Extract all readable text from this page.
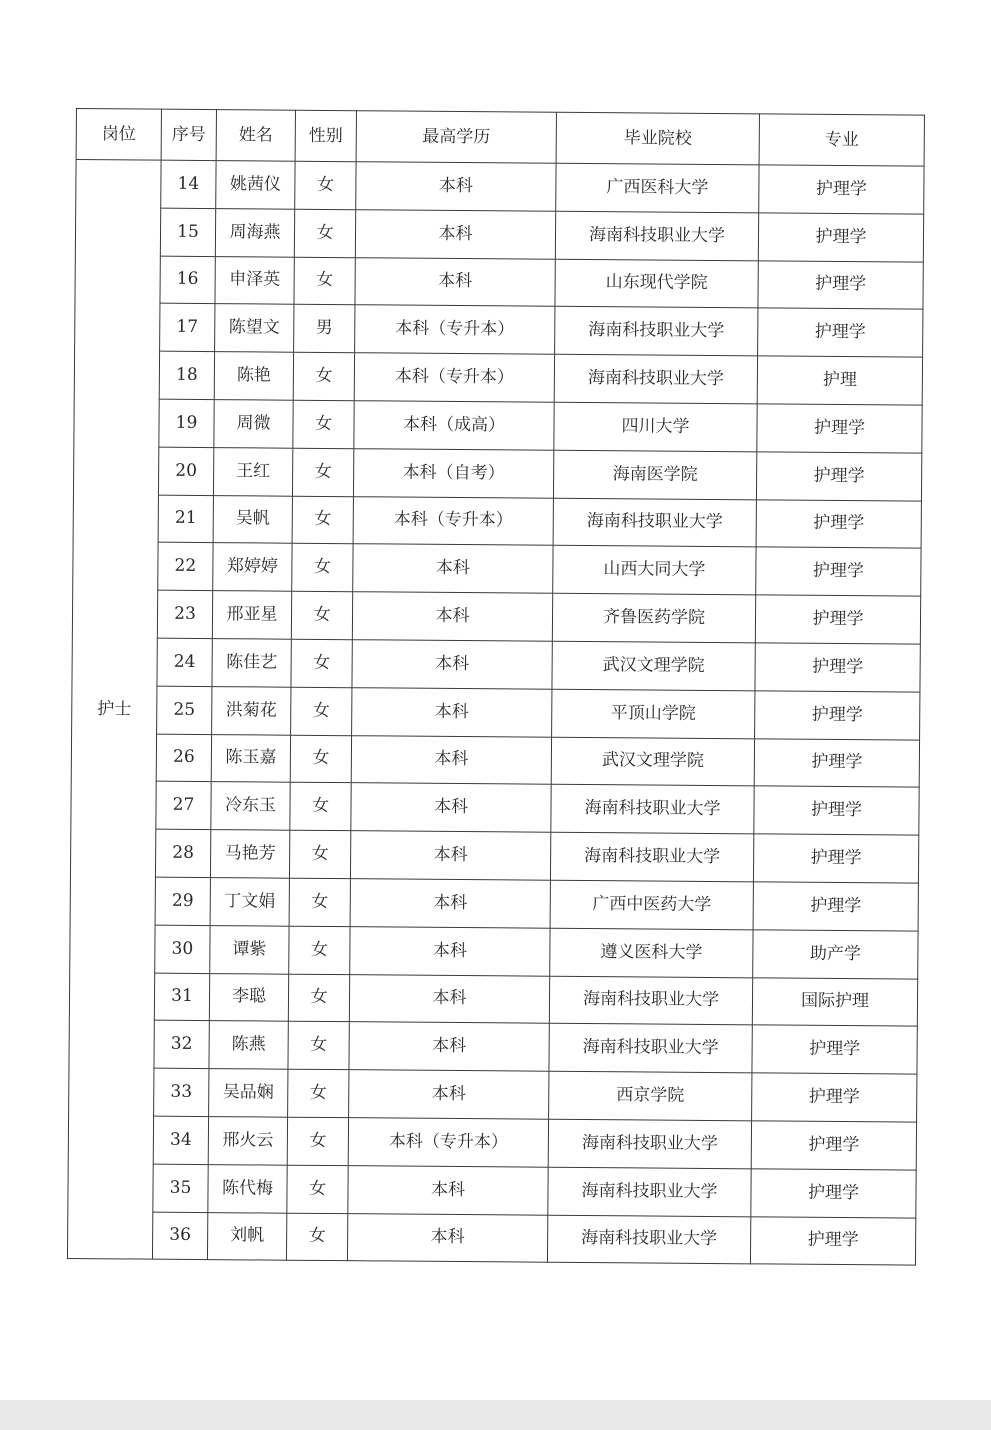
岗位	序号	姓名	性别	最高学历	毕业院校	专业
护士	14	姚茜仪	女	本科	广西医科大学	护理学
	15	周海燕	女	本科	海南科技职业大学	护理学
	16	申泽英	女	本科	山东现代学院	护理学
	17	陈望文	男	本科（专升本）	海南科技职业大学	护理学
	18	陈艳	女	本科（专升本）	海南科技职业大学	护理
	19	周微	女	本科（成高）	四川大学	护理学
	20	王红	女	本科（自考）	海南医学院	护理学
	21	吴帆	女	本科（专升本）	海南科技职业大学	护理学
	22	郑婷婷	女	本科	山西大同大学	护理学
	23	邢亚星	女	本科	齐鲁医药学院	护理学
	24	陈佳艺	女	本科	武汉文理学院	护理学
	25	洪菊花	女	本科	平顶山学院	护理学
	26	陈玉嘉	女	本科	武汉文理学院	护理学
	27	冷东玉	女	本科	海南科技职业大学	护理学
	28	马艳芳	女	本科	海南科技职业大学	护理学
	29	丁文娟	女	本科	广西中医药大学	护理学
	30	谭紫	女	本科	遵义医科大学	助产学
	31	李聪	女	本科	海南科技职业大学	国际护理
	32	陈燕	女	本科	海南科技职业大学	护理学
	33	吴品娴	女	本科	西京学院	护理学
	34	邢火云	女	本科（专升本）	海南科技职业大学	护理学
	35	陈代梅	女	本科	海南科技职业大学	护理学
	36	刘帆	女	本科	海南科技职业大学	护理学
